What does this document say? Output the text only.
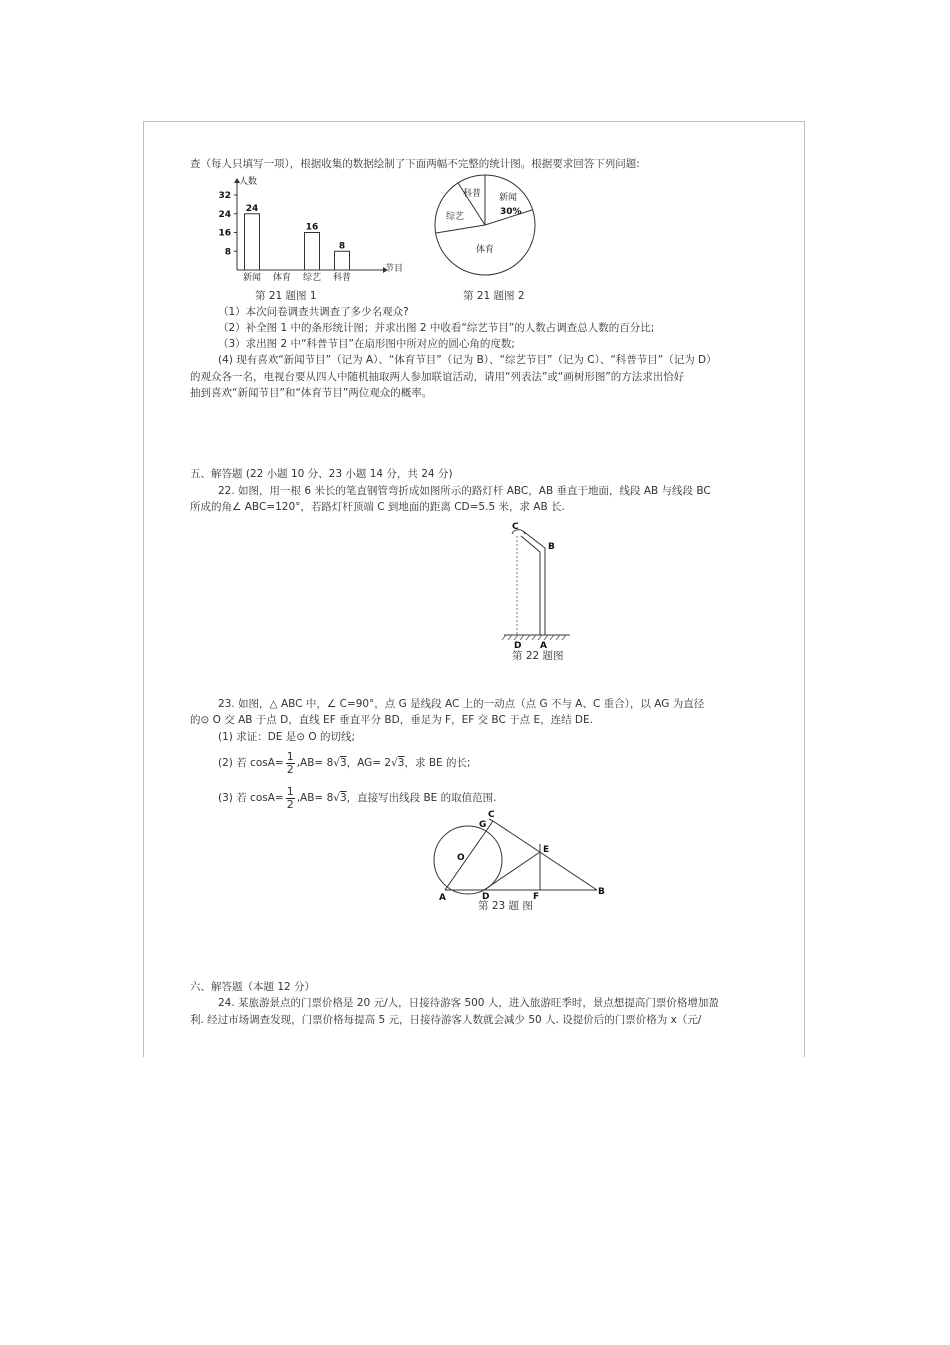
查（每人只填写一项），根据收集的数据绘制了下面两幅不完整的统计图。根据要求回答下列问题:
人数
节目
8
16
24
32
24
新闻 体育
16
综艺
8
科普
第 21 题图 1
新闻
30%
体育
综艺
科普
第 21 题图 2
（1）本次问卷调查共调查了多少名观众?
（2）补全图 1 中的条形统计图；并求出图 2 中收看“综艺节目”的人数占调查总人数的百分比;
（3）求出图 2 中“科普节目”在扇形图中所对应的圆心角的度数;
(4) 现有喜欢“新闻节目”（记为 A）、“体育节目”（记为 B）、“综艺节目”（记为 C）、“科普节目”（记为 D）
的观众各一名，电视台要从四人中随机抽取两人参加联谊活动，请用“列表法”或“画树形图”的方法求出恰好
抽到喜欢“新闻节目”和“体育节目”两位观众的概率。
五、解答题 (22 小题 10 分、23 小题 14 分，共 24 分)
22. 如图，用一根 6 米长的笔直钢管弯折成如图所示的路灯杆 ABC，AB 垂直于地面，线段 AB 与线段 BC
所成的角∠ ABC=120°，若路灯杆顶端 C 到地面的距离 CD=5.5 米，求 AB 长.
C
B
D A
第 22 题图
23. 如图，△ ABC 中，∠ C=90°，点 G 是线段 AC 上的一动点（点 G 不与 A、C 重合），以 AG 为直径
的⊙ O 交 AB 于点 D，直线 EF 垂直平分 BD，垂足为 F，EF 交 BC 于点 E，连结 DE.
(1) 求证：DE 是⊙ O 的切线;
(2) 若 $\cos A= \frac{1}{2} ,AB= 8√3$，AG= 2√3，求 BE 的长;
(3) 若 $\cos A= \frac{1}{2} ,AB= 8√3$，直接写出线段 BE 的取值范围.
C
G
O
E
A	D	F	B
第 23 题 图
六、解答题（本题 12 分）
24. 某旅游景点的门票价格是 20 元/人，日接待游客 500 人，进入旅游旺季时，景点想提高门票价格增加盈
利. 经过市场调查发现，门票价格每提高 5 元，日接待游客人数就会减少 50 人. 设提价后的门票价格为 x（元/
